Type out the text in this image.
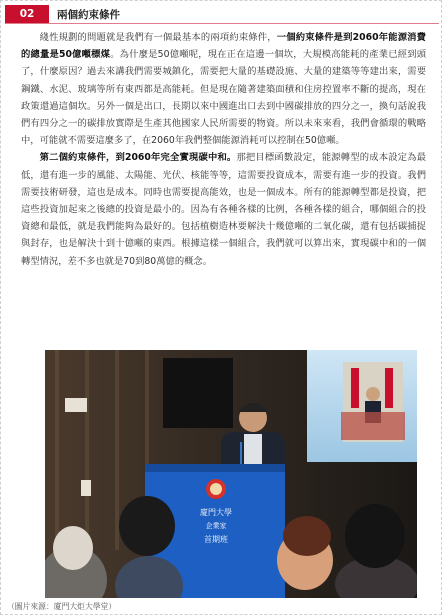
02	兩個約束條件

綫性規劃的問題就是我們有一個最基本的兩項約束條件，一個約束條件是到2060年能源消費的總量是50億噸標煤。為什麼是50億噸呢，現在正在這邊一個坎，大規模高能耗的產業已經到頭了，什麼原因？過去來講我們需要城鎮化，需要把大量的基礎設施、大量的建築等等建出來，需要鋼鐵、水泥、玻璃等所有東西都是高能耗。但是現在隨著建築面積和住房控置率不斷的提高，現在政策還過這個坎。另外一個是出口，長期以來中國進出口去到中國碳排放的四分之一，換句話說我們有四分之一的碳排放實際是生產其他國家人民所需要的物資。所以未來來看，我們會循環的戰略中，可能就不需要這麼多了，在2060年我們整個能源消耗可以控制在50億噸。

第二個約束條件，到2060年完全實現碳中和。那把目標函數設定，能源轉型的成本設定為最低，還有進一步的風能、太陽能、光伏、核能等等，這需要投資成本，需要有進一步的投資。我們需要技術研發，這也是成本。同時也需要提高能效，也是一個成本。所有的能源轉型都是投資，把這些投資加起來之後總的投資是最小的。因為有各種各樣的比例，各種各樣的組合，哪個組合的投資總和最低，就是我們能夠為最好的。包括植樹造林要解決十幾億噸的二氧化碳，還有包括碳捕捉與封存，也是解決十到十億噸的東西。根據這樣一個組合，我們就可以算出來，實現碳中和的一個轉型情況，差不多也就是70到80萬億的概念。

廈門大學
企業家
首期班
（圖片來源：廈門大炬大學堂）
